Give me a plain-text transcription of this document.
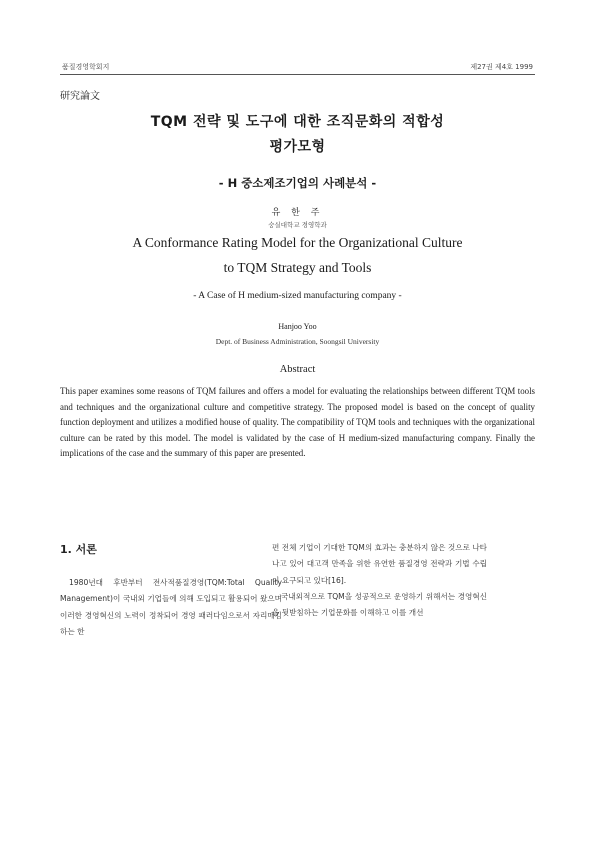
품질경영학회지	제27권 제4호 1999
研究論文
TQM 전략 및 도구에 대한 조직문화의 적합성
평가모형
- H 중소제조기업의 사례분석 -
유 한 주
숭실대학교 경영학과
A Conformance Rating Model for the Organizational Culture
to TQM Strategy and Tools
- A Case of H medium-sized manufacturing company -
Hanjoo Yoo
Dept. of Business Administration, Soongsil University
Abstract
This paper examines some reasons of TQM failures and offers a model for evaluating the relationships between different TQM tools and techniques and the organizational culture and competitive strategy. The proposed model is based on the concept of quality function deployment and utilizes a modified house of quality. The compatibility of TQM tools and techniques with the organizational culture can be rated by this model. The model is validated by the case of H medium-sized manufacturing company. Finally the implications of the case and the summary of this paper are presented.
1. 서론

1980년대 후반부터 전사적품질경영(TQM:Total Quality Management)이 국내외 기업들에 의해 도입되고 활용되어 왔으며 이러한 경영혁신의 노력이 정착되어 경영 패러다임으로서 자리매김하는 한

편 전체 기업이 기대한 TQM의 효과는 충분하지 않은 것으로 나타나고 있어 대고객 만족을 위한 유연한 품질경영 전략과 기법 수립이 요구되고 있다[16].

국내외적으로 TQM을 성공적으로 운영하기 위해서는 경영혁신을 뒷받침하는 기업문화를 이해하고 이를 개선
